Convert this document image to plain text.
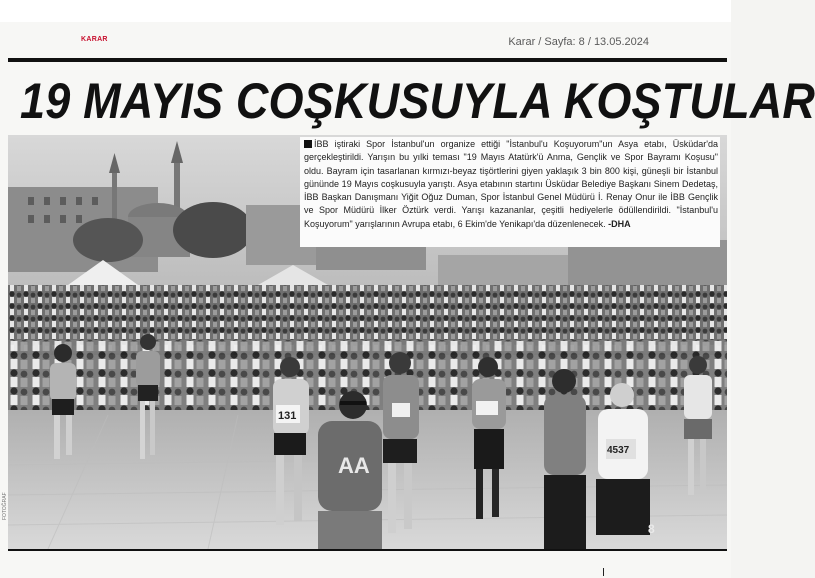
KARAR	Karar / Sayfa: 8 / 13.05.2024
19 MAYIS COŞKUSUYLA KOŞTULAR
AA
131
4537
8

İBB iştiraki Spor İstanbul'un organize ettiği "İstanbul'u Koşuyorum"un Asya etabı, Üsküdar'da gerçekleştirildi. Yarışın bu yılki teması "19 Mayıs Atatürk'ü Anma, Gençlik ve Spor Bayramı Koşusu" oldu. Bayram için tasarlanan kırmızı-beyaz tişörtlerini giyen yaklaşık 3 bin 800 kişi, güneşli bir İstanbul gününde 19 Mayıs coşkusuyla yarıştı. Asya etabının startını Üsküdar Belediye Başkanı Sinem Dedetaş, İBB Başkan Danışmanı Yiğit Oğuz Duman, Spor İstanbul Genel Müdürü İ. Renay Onur ile İBB Gençlik ve Spor Müdürü İlker Öztürk verdi. Yarışı kazananlar, çeşitli hediyelerle ödüllendirildi. "İstanbul'u Koşuyorum" yarışlarının Avrupa etabı, 6 Ekim'de Yenikapı'da düzenlenecek. -DHA

FOTOĞRAF
